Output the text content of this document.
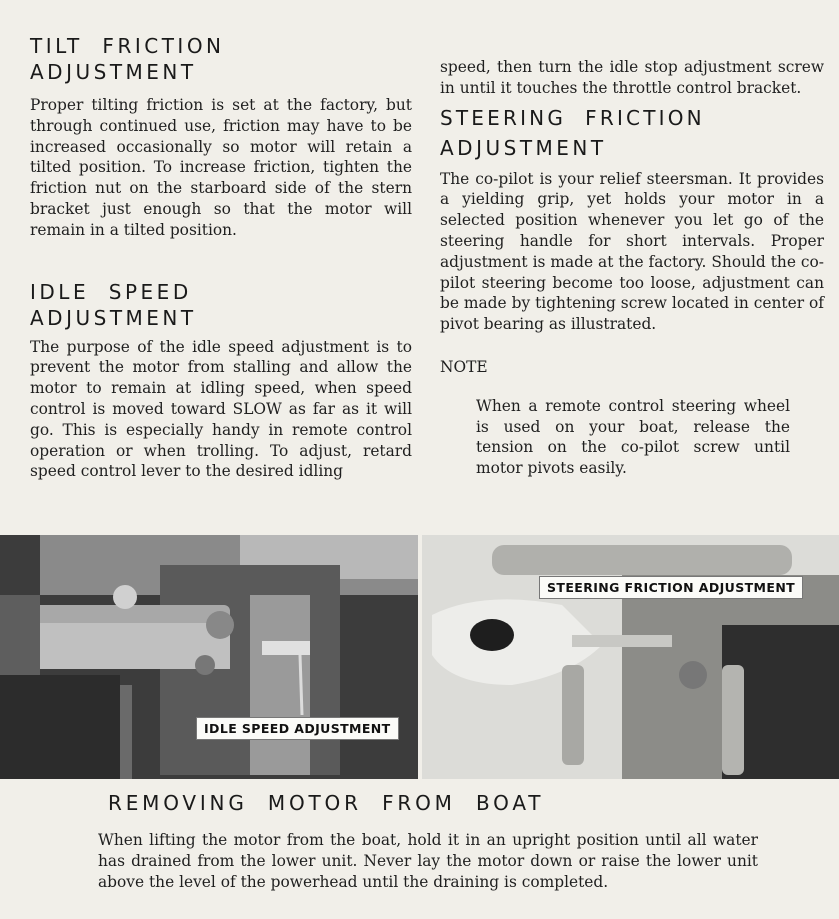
TILT  FRICTION
ADJUSTMENT

Proper tilting friction is set at the factory, but through continued use, friction may have to be increased occasionally so motor will retain a tilted position. To increase friction, tighten the friction nut on the starboard side of the stern bracket just enough so that the motor will remain in a tilted position.

IDLE  SPEED
ADJUSTMENT

The purpose of the idle speed adjustment is to prevent the motor from stalling and allow the motor to remain at idling speed, when speed control is moved toward SLOW as far as it will go. This is especially handy in remote control operation or when trolling. To adjust, retard speed control lever to the desired idling

speed, then turn the idle stop adjustment screw in until it touches the throttle control bracket.

STEERING  FRICTION
ADJUSTMENT

The co-pilot is your relief steersman. It provides a yielding grip, yet holds your motor in a selected position whenever you let go of the steering handle for short intervals. Proper adjustment is made at the factory. Should the co-pilot steering become too loose, adjustment can be made by tightening screw located in center of pivot bearing as illustrated.

NOTE

When a remote control steering wheel is used on your boat, release the tension on the co-pilot screw until motor pivots easily.

IDLE SPEED ADJUSTMENT
STEERING FRICTION ADJUSTMENT
REMOVING  MOTOR  FROM  BOAT

When lifting the motor from the boat, hold it in an upright position until all water has drained from the lower unit. Never lay the motor down or raise the lower unit above the level of the powerhead until the draining is completed.
